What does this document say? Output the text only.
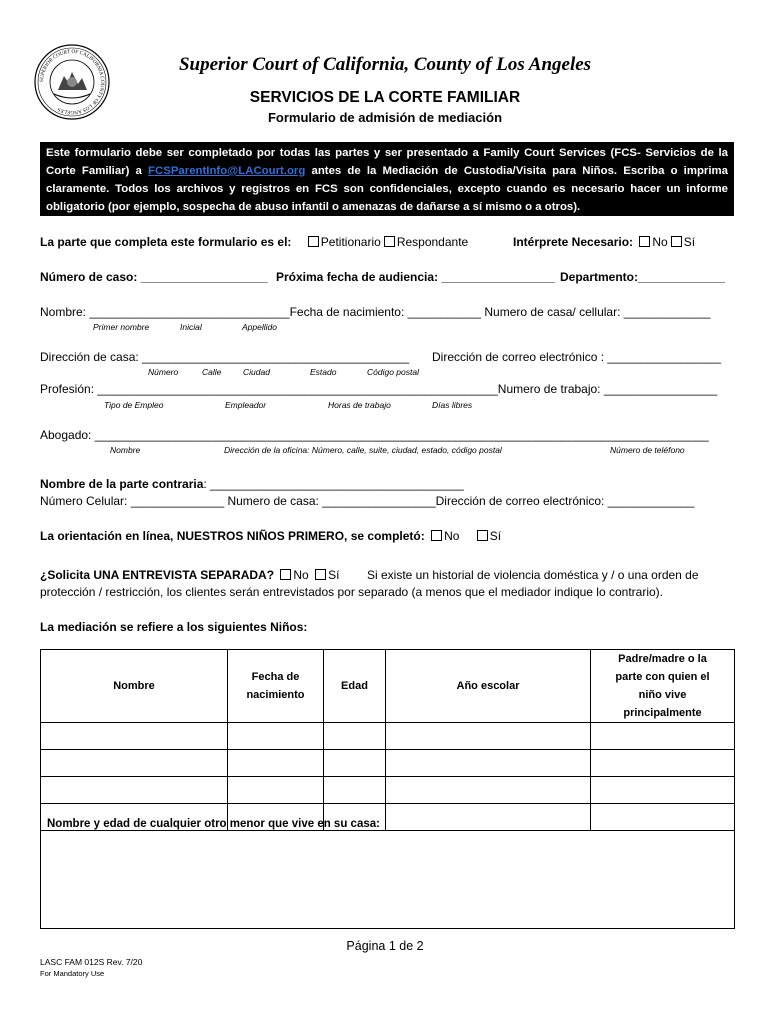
SUPERIOR COURT OF CALIFORNIA COUNTY OF LOS ANGELES
Superior Court of California, County of Los Angeles
SERVICIOS DE LA CORTE FAMILIAR
Formulario de admisión de mediación
Este formulario debe ser completado por todas las partes y ser presentado a Family Court Services (FCS- Servicios de la Corte Familiar) a FCSParentInfo@LACourt.org antes de la Mediación de Custodia/Visita para Niños. Escriba o imprima claramente. Todos los archivos y registros en FCS son confidenciales, excepto cuando es necesario hacer un informe obligatorio (por ejemplo, sospecha de abuso infantil o amenazas de dañarse a sí mismo o a otros).
La parte que completa este formulario es el: Petitionario Respondante	Intérprete Necesario: No Sí
Número de caso: ___________________ Próxima fecha de audiencia: _________________ Departmento:_____________
Nombre: ______________________________Fecha de nacimiento: ___________ Numero de casa/ cellular: _____________
Primer nombre	Inicial	Appellido
Dirección de casa: ________________________________________ Dirección de correo electrónico : _________________
Número	Calle	Ciudad	Estado	Código postal
Profesión: ____________________________________________________________Numero de trabajo: _________________
Tipo de Empleo	Empleador	Horas de trabajo	Días libres
Abogado: ____________________________________________________________________________________________
Nombre	Dirección de la oficina: Número, calle, suite, ciudad, estado, código postal	Número de teléfono
Nombre de la parte contraria: ______________________________________
Número Celular: ______________ Numero de casa: _________________Dirección de correo electrónico: _____________
La orientación en línea, NUESTROS NIÑOS PRIMERO, se completó: No	Sí
¿Solicita UNA ENTREVISTA SEPARADA? No Sí Si existe un historial de violencia doméstica y / o una orden de
protección / restricción, los clientes serán entrevistados por separado (a menos que el mediador indique lo contrario).
La mediación se refiere a los siguientes Niños:
Nombre	Fecha de nacimiento	Edad	Año escolar	Padre/madre o la parte con quien el niño vive principalmente

Nombre y edad de cualquier otro menor que vive en su casa:
Página 1 de 2
LASC FAM 012S Rev. 7/20
For Mandatory Use
